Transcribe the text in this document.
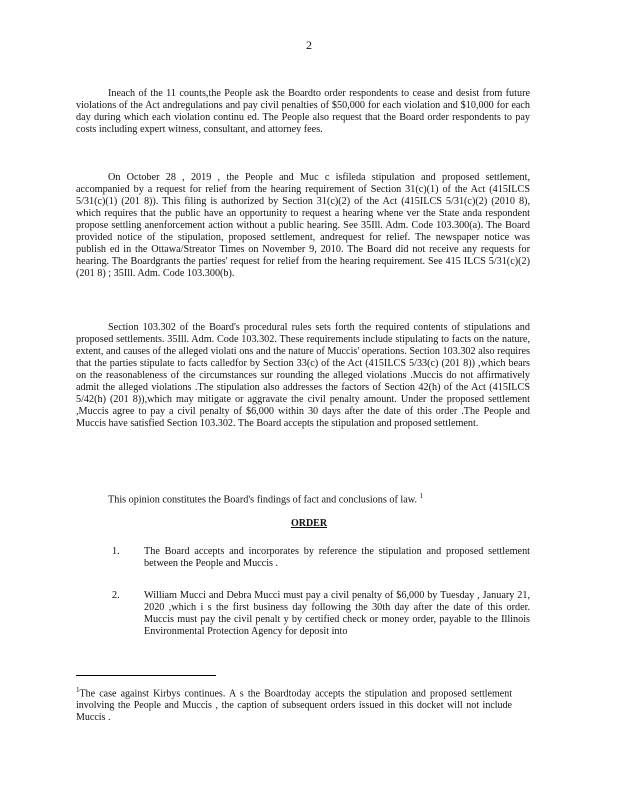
2

Ineach of the 11 counts,the People ask the Boardto order respondents to cease and desist from future violations of the Act andregulations and pay civil penalties of $50,000 for each violation and $10,000 for each day during which each violation continu ed. The People also request that the Board order respondents to pay costs including expert witness, consultant, and attorney fees.

On October 28 , 2019 , the People and Muc c isfileda stipulation and proposed settlement, accompanied by a request for relief from the hearing requirement of Section 31(c)(1) of the Act (415ILCS 5/31(c)(1) (201 8)). This filing is authorized by Section 31(c)(2) of the Act (415ILCS 5/31(c)(2) (2010 8), which requires that the public have an opportunity to request a hearing whene ver the State anda respondent propose settling anenforcement action without a public hearing. See 35Ill. Adm. Code 103.300(a). The Board provided notice of the stipulation, proposed settlement, andrequest for relief. The newspaper notice was publish ed in the Ottawa/Streator Times on November 9, 2010. The Board did not receive any requests for hearing. The Boardgrants the parties' request for relief from the hearing requirement. See 415 ILCS 5/31(c)(2) (201 8) ; 35Ill. Adm. Code 103.300(b).

Section 103.302 of the Board's procedural rules sets forth the required contents of stipulations and proposed settlements. 35Ill. Adm. Code 103.302. These requirements include stipulating to facts on the nature, extent, and causes of the alleged violati ons and the nature of Muccis' operations. Section 103.302 also requires that the parties stipulate to facts calledfor by Section 33(c) of the Act (415ILCS 5/33(c) (201 8)) ,which bears on the reasonableness of the circumstances sur rounding the alleged violations .Muccis do not affirmatively admit the alleged violations .The stipulation also addresses the factors of Section 42(h) of the Act (415ILCS 5/42(h) (201 8)),which may mitigate or aggravate the civil penalty amount. Under the proposed settlement ,Muccis agree to pay a civil penalty of $6,000 within 30 days after the date of this order .The People and Muccis have satisfied Section 103.302. The Board accepts the stipulation and proposed settlement.

This opinion constitutes the Board's findings of fact and conclusions of law. $^1$

ORDER
1. The Board accepts and incorporates by reference the stipulation and proposed settlement between the People and Muccis .
2. William Mucci and Debra Mucci must pay a civil penalty of $6,000 by Tuesday , January 21, 2020 ,which i s the first business day following the 30th day after the date of this order. Muccis must pay the civil penalt y by certified check or money order, payable to the Illinois Environmental Protection Agency for deposit into

$^1$The case against Kirbys continues. A s the Boardtoday accepts the stipulation and proposed settlement involving the People and Muccis , the caption of subsequent orders issued in this docket will not include Muccis .
